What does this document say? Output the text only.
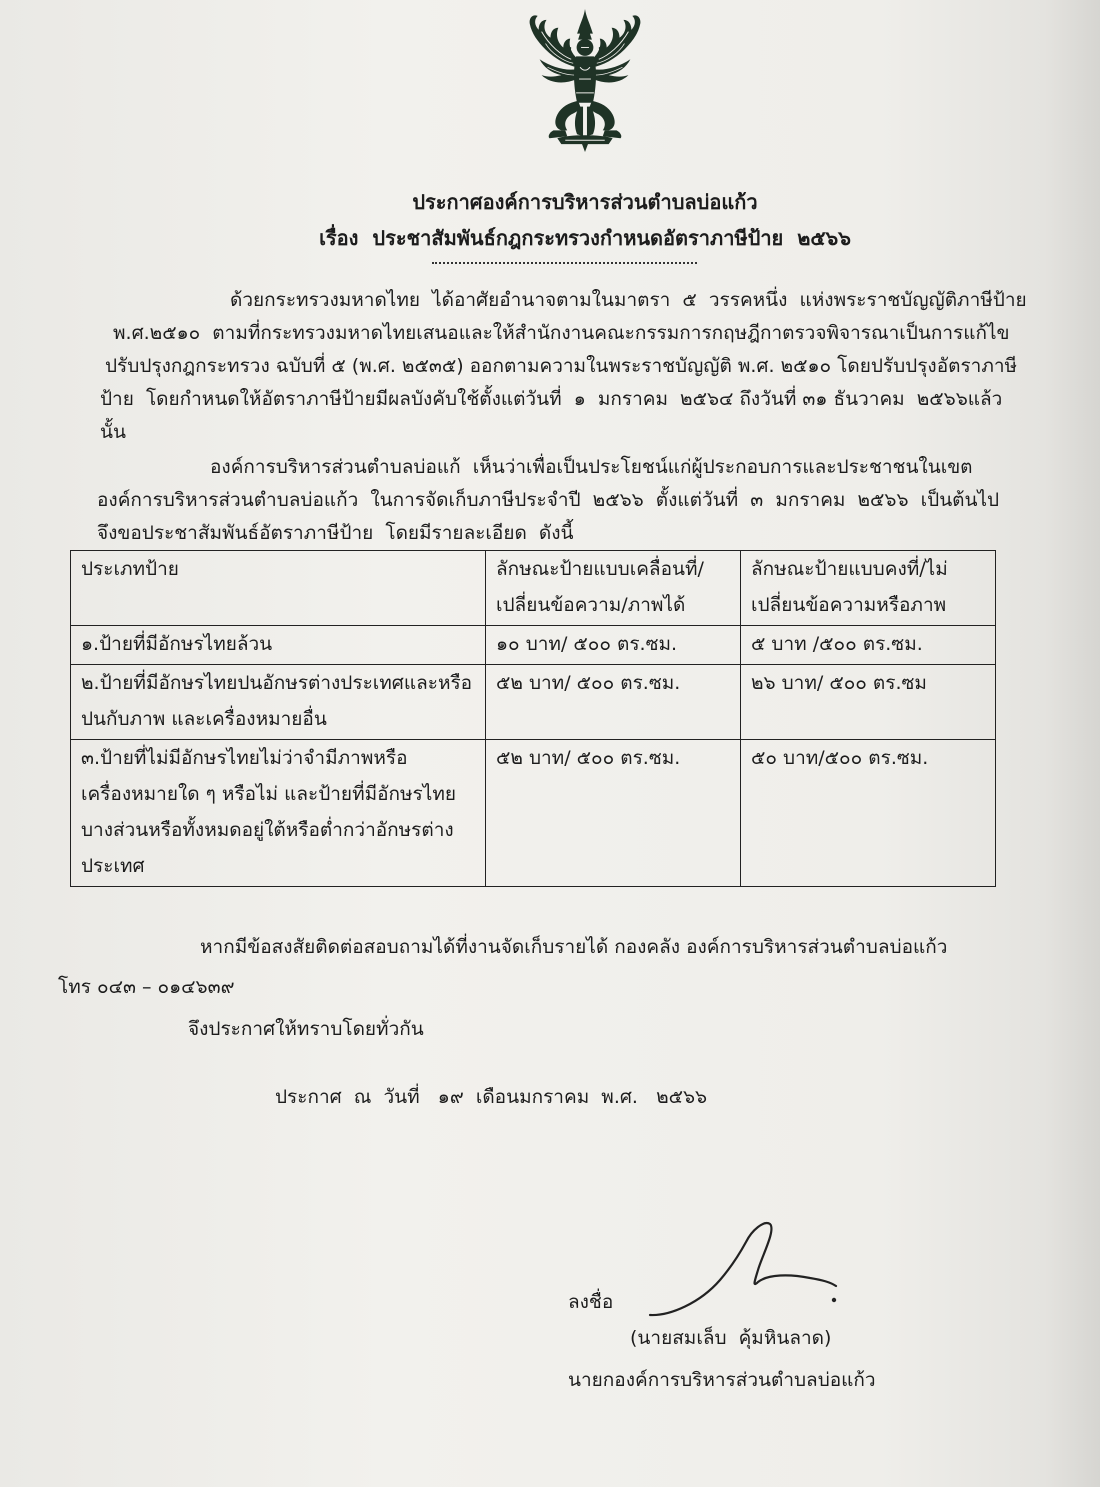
ประกาศองค์การบริหารส่วนตำบลบ่อแก้ว
เรื่อง  ประชาสัมพันธ์กฎกระทรวงกำหนดอัตราภาษีป้าย  ๒๕๖๖
ด้วยกระทรวงมหาดไทย  ได้อาศัยอำนาจตามในมาตรา  ๕  วรรคหนึ่ง  แห่งพระราชบัญญัติภาษีป้าย
พ.ศ.๒๕๑๐  ตามที่กระทรวงมหาดไทยเสนอและให้สำนักงานคณะกรรมการกฤษฎีกาตรวจพิจารณาเป็นการแก้ไข
ปรับปรุงกฎกระทรวง ฉบับที่ ๕ (พ.ศ. ๒๕๓๕) ออกตามความในพระราชบัญญัติ พ.ศ. ๒๕๑๐ โดยปรับปรุงอัตราภาษี
ป้าย  โดยกำหนดให้อัตราภาษีป้ายมีผลบังคับใช้ตั้งแต่วันที่  ๑  มกราคม  ๒๕๖๔ ถึงวันที่ ๓๑ ธันวาคม  ๒๕๖๖แล้ว
นั้น
องค์การบริหารส่วนตำบลบ่อแก้  เห็นว่าเพื่อเป็นประโยชน์แก่ผู้ประกอบการและประชาชนในเขต
องค์การบริหารส่วนตำบลบ่อแก้ว  ในการจัดเก็บภาษีประจำปี  ๒๕๖๖  ตั้งแต่วันที่  ๓  มกราคม  ๒๕๖๖  เป็นต้นไป
จึงขอประชาสัมพันธ์อัตราภาษีป้าย  โดยมีรายละเอียด  ดังนี้
ประเภทป้าย	ลักษณะป้ายแบบเคลื่อนที่/เปลี่ยนข้อความ/ภาพได้	ลักษณะป้ายแบบคงที่/ไม่เปลี่ยนข้อความหรือภาพ
๑.ป้ายที่มีอักษรไทยล้วน	๑๐ บาท/ ๕๐๐ ตร.ซม.	๕ บาท /๕๐๐ ตร.ซม.
๒.ป้ายที่มีอักษรไทยปนอักษรต่างประเทศและหรือปนกับภาพ และเครื่องหมายอื่น	๕๒ บาท/ ๕๐๐ ตร.ซม.	๒๖ บาท/ ๕๐๐ ตร.ซม
๓.ป้ายที่ไม่มีอักษรไทยไม่ว่าจำมีภาพหรือเครื่องหมายใด ๆ หรือไม่ และป้ายที่มีอักษรไทยบางส่วนหรือทั้งหมดอยู่ใต้หรือต่ำกว่าอักษรต่างประเทศ	๕๒ บาท/ ๕๐๐ ตร.ซม.	๕๐ บาท/๕๐๐ ตร.ซม.
หากมีข้อสงสัยติดต่อสอบถามได้ที่งานจัดเก็บรายได้ กองคลัง องค์การบริหารส่วนตำบลบ่อแก้ว
โทร ๐๔๓ – ๐๑๔๖๓๙
จึงประกาศให้ทราบโดยทั่วกัน
ประกาศ  ณ  วันที่   ๑๙  เดือนมกราคม  พ.ศ.   ๒๕๖๖
ลงชื่อ
(นายสมเล็บ  คุ้มหินลาด)
นายกองค์การบริหารส่วนตำบลบ่อแก้ว
